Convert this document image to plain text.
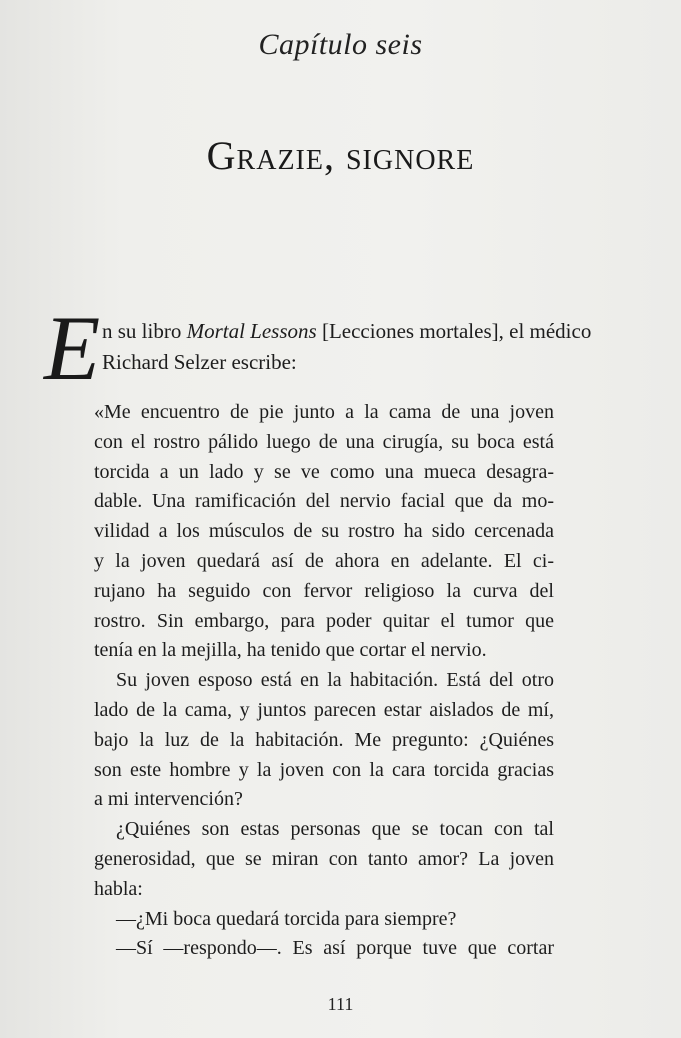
Capítulo seis
Grazie, signore
E n su libro Mortal Lessons [Lecciones mortales], el médico
Richard Selzer escribe:
«Me encuentro de pie junto a la cama de una joven
con el rostro pálido luego de una cirugía, su boca está
torcida a un lado y se ve como una mueca desagra-
dable. Una ramificación del nervio facial que da mo-
vilidad a los músculos de su rostro ha sido cercenada
y la joven quedará así de ahora en adelante. El ci-
rujano ha seguido con fervor religioso la curva del
rostro. Sin embargo, para poder quitar el tumor que
tenía en la mejilla, ha tenido que cortar el nervio.
Su joven esposo está en la habitación. Está del otro
lado de la cama, y juntos parecen estar aislados de mí,
bajo la luz de la habitación. Me pregunto: ¿Quiénes
son este hombre y la joven con la cara torcida gracias
a mi intervención?
¿Quiénes son estas personas que se tocan con tal
generosidad, que se miran con tanto amor? La joven
habla:
—¿Mi boca quedará torcida para siempre?
—Sí —respondo—. Es así porque tuve que cortar
111
